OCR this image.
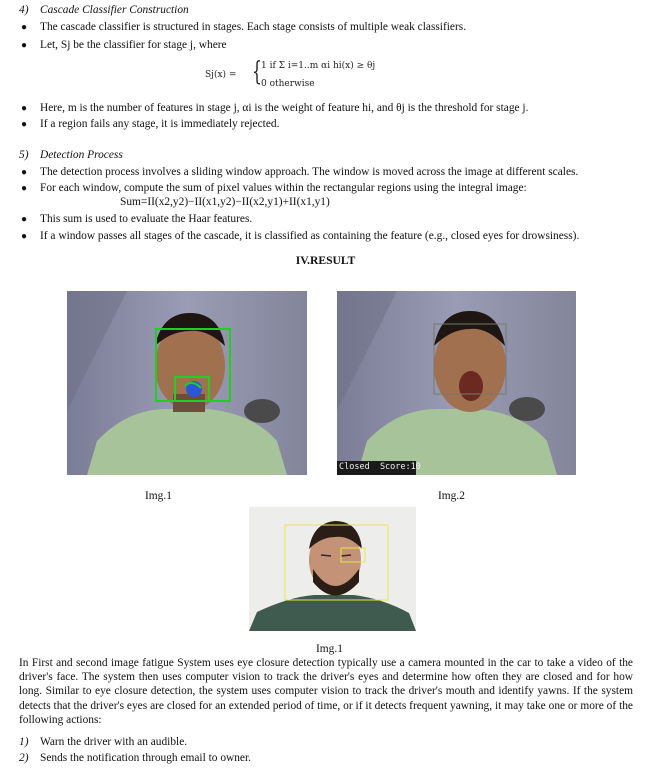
4) Cascade Classifier Construction
● The cascade classifier is structured in stages. Each stage consists of multiple weak classifiers.
● Let, Sj be the classifier for stage j, where
Sj(x) = { 1 if Σ i=1..m αi hi(x) ≥ θj
0 otherwise
● Here, m is the number of features in stage j, αi is the weight of feature hi, and θj is the threshold for stage j.
● If a region fails any stage, it is immediately rejected.
5) Detection Process
● The detection process involves a sliding window approach. The window is moved across the image at different scales.
● For each window, compute the sum of pixel values within the rectangular regions using the integral image:
Sum=II(x2,y2)−II(x1,y2)−II(x2,y1)+II(x1,y1)
● This sum is used to evaluate the Haar features.
● If a window passes all stages of the cascade, it is classified as containing the feature (e.g., closed eyes for drowsiness).
IV.RESULT
Closed  Score:10
Img.1	Img.2
Img.1
In First and second image fatigue System uses eye closure detection typically use a camera mounted in the car to take a video of the driver's face. The system then uses computer vision to track the driver's eyes and determine how often they are closed and for how long. Similar to eye closure detection, the system uses computer vision to track the driver's mouth and identify yawns. If the system detects that the driver's eyes are closed for an extended period of time, or if it detects frequent yawning, it may take one or more of the following actions:
1) Warn the driver with an audible.
2) Sends the notification through email to owner.
